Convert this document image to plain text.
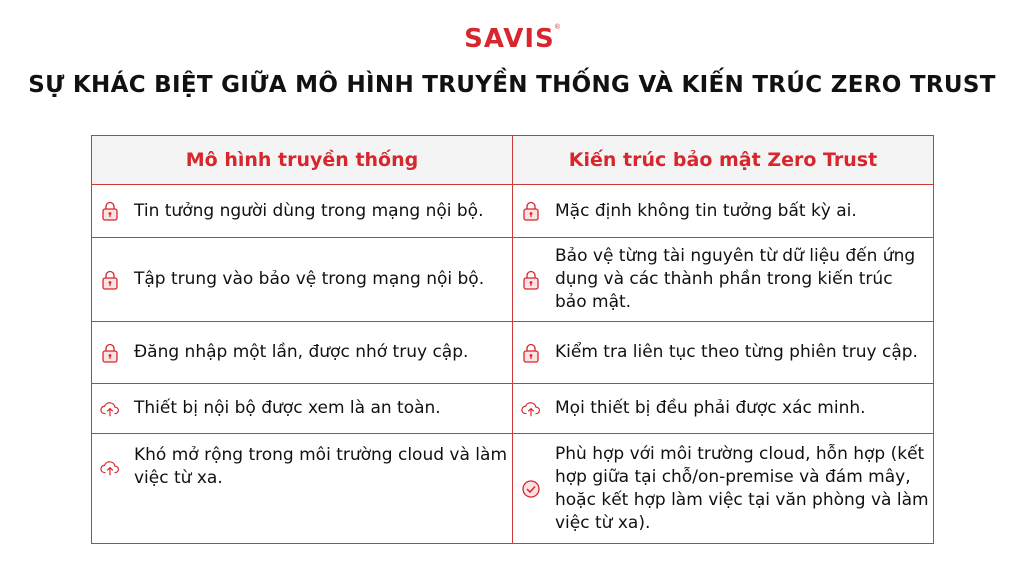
SAVIS®
SỰ KHÁC BIỆT GIỮA MÔ HÌNH TRUYỀN THỐNG VÀ KIẾN TRÚC ZERO TRUST
Mô hình truyền thống	Kiến trúc bảo mật Zero Trust

Tin tưởng người dùng trong mạng nội bộ.	Mặc định không tin tưởng bất kỳ ai.

Tập trung vào bảo vệ trong mạng nội bộ.	Bảo vệ từng tài nguyên từ dữ liệu đến ứng dụng và các thành phần trong kiến trúc bảo mật.

Đăng nhập một lần, được nhớ truy cập.	Kiểm tra liên tục theo từng phiên truy cập.

Thiết bị nội bộ được xem là an toàn.	Mọi thiết bị đều phải được xác minh.

Khó mở rộng trong môi trường cloud và làm việc từ xa.	Phù hợp với môi trường cloud, hỗn hợp (kết hợp giữa tại chỗ/on-premise và đám mây, hoặc kết hợp làm việc tại văn phòng và làm việc từ xa).
